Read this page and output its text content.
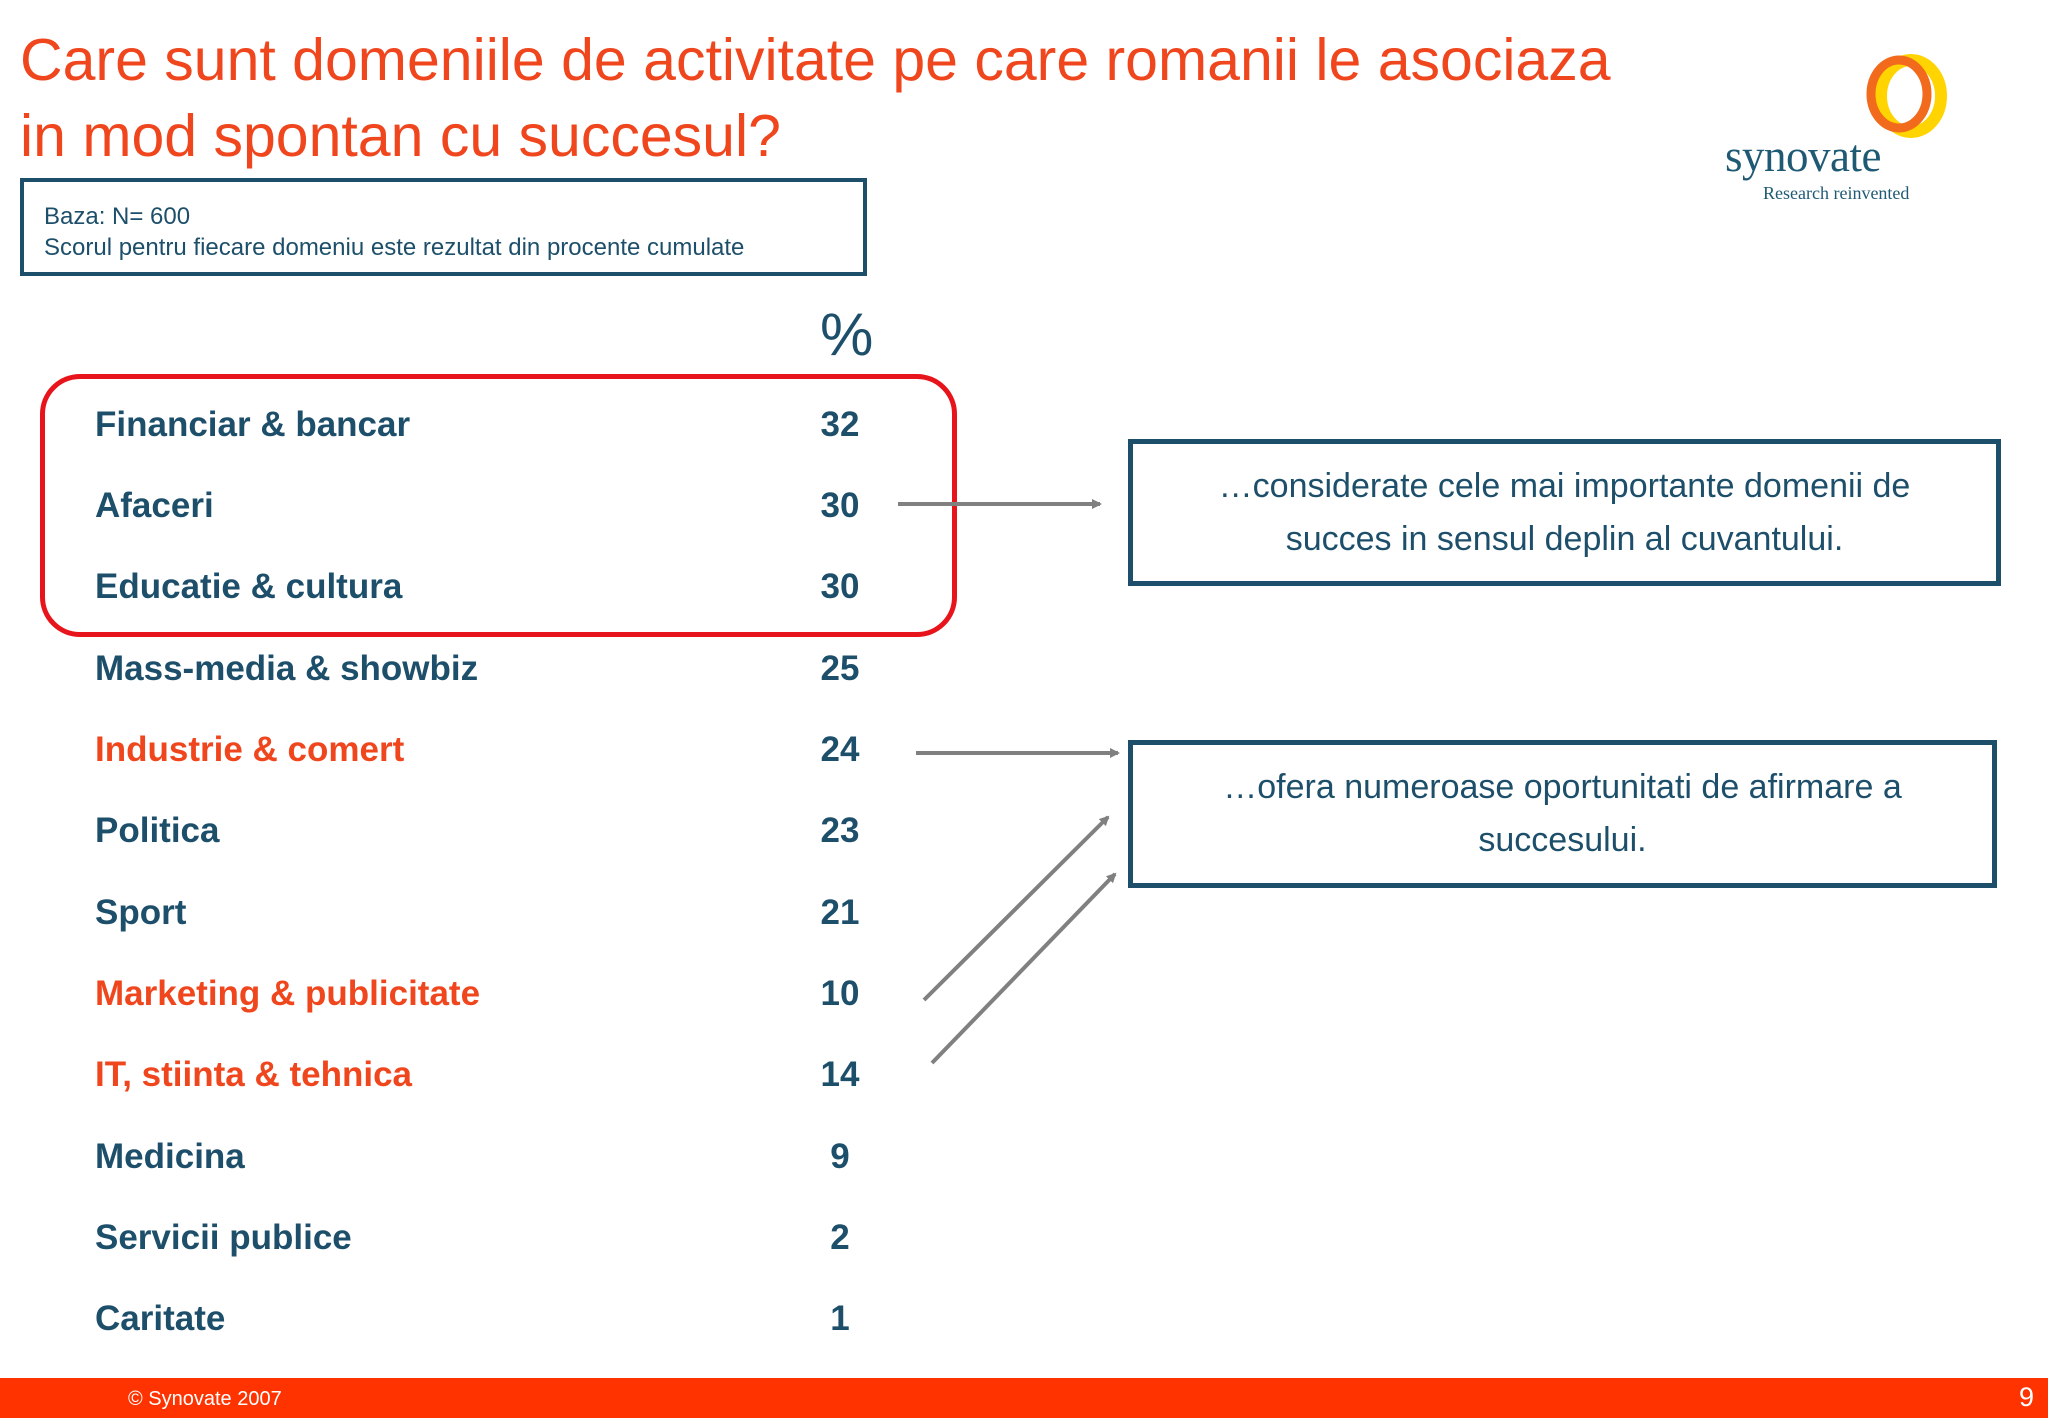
Care sunt domeniile de activitate pe care romanii le asociaza
in mod spontan cu succesul?	synovate
Research reinvented
Baza: N= 600
Scorul pentru fiecare domeniu este rezultat din procente cumulate
%
Financiar & bancar	32
Afaceri	30
Educatie & cultura	30
Mass-media & showbiz	25
Industrie & comert	24
Politica	23
Sport	21
Marketing & publicitate	10
IT, stiinta & tehnica	14
Medicina	9
Servicii publice	2
Caritate	1
…considerate cele mai importante domenii de succes in sensul deplin al cuvantului.
…ofera numeroase oportunitati de afirmare a succesului.
© Synovate 2007	9
